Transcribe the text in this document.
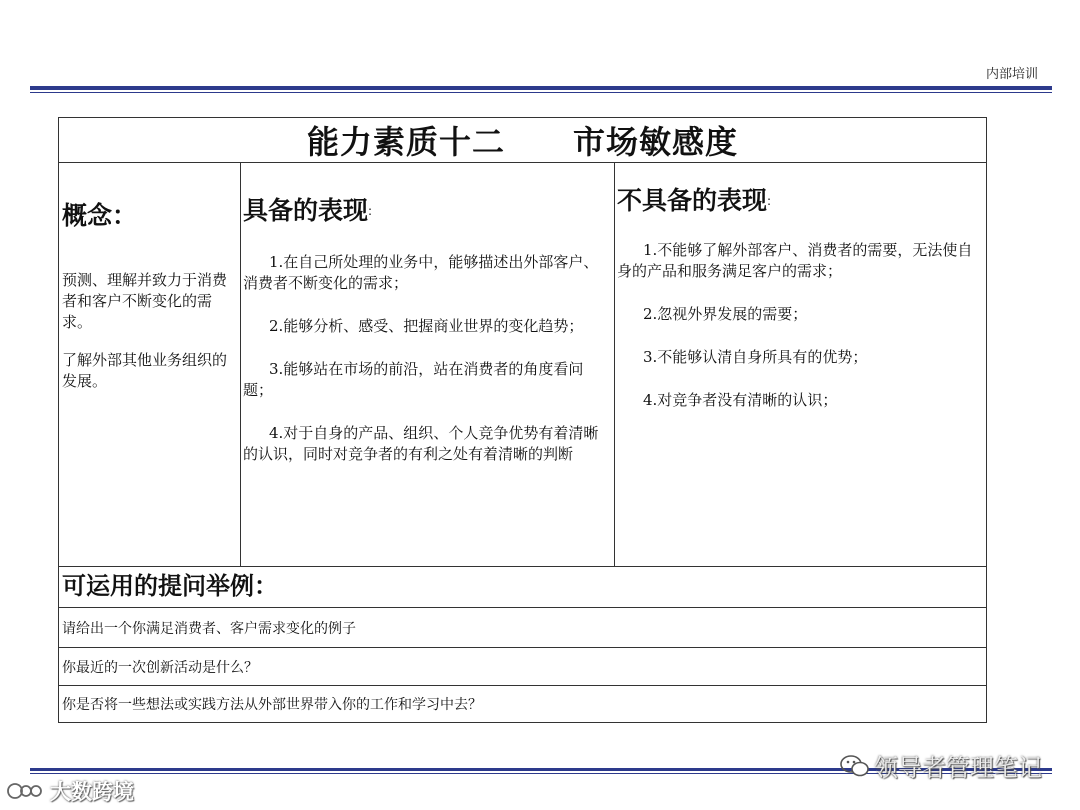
内部培训
能力素质十二 市场敏感度
概念：

预测、理解并致力于消费者和客户不断变化的需求。

了解外部其他业务组织的发展。

具备的表现:

1.在自己所处理的业务中，能够描述出外部客户、消费者不断变化的需求；

2.能够分析、感受、把握商业世界的变化趋势；

3.能够站在市场的前沿，站在消费者的角度看问题；

4.对于自身的产品、组织、个人竞争优势有着清晰的认识，同时对竞争者的有利之处有着清晰的判断

不具备的表现:

1.不能够了解外部客户、消费者的需要，无法使自身的产品和服务满足客户的需求；

2.忽视外界发展的需要；

3.不能够认清自身所具有的优势；

4.对竞争者没有清晰的认识；

可运用的提问举例：
请给出一个你满足消费者、客户需求变化的例子
你最近的一次创新活动是什么？
你是否将一些想法或实践方法从外部世界带入你的工作和学习中去？
领导者管理笔记
大数跨境
